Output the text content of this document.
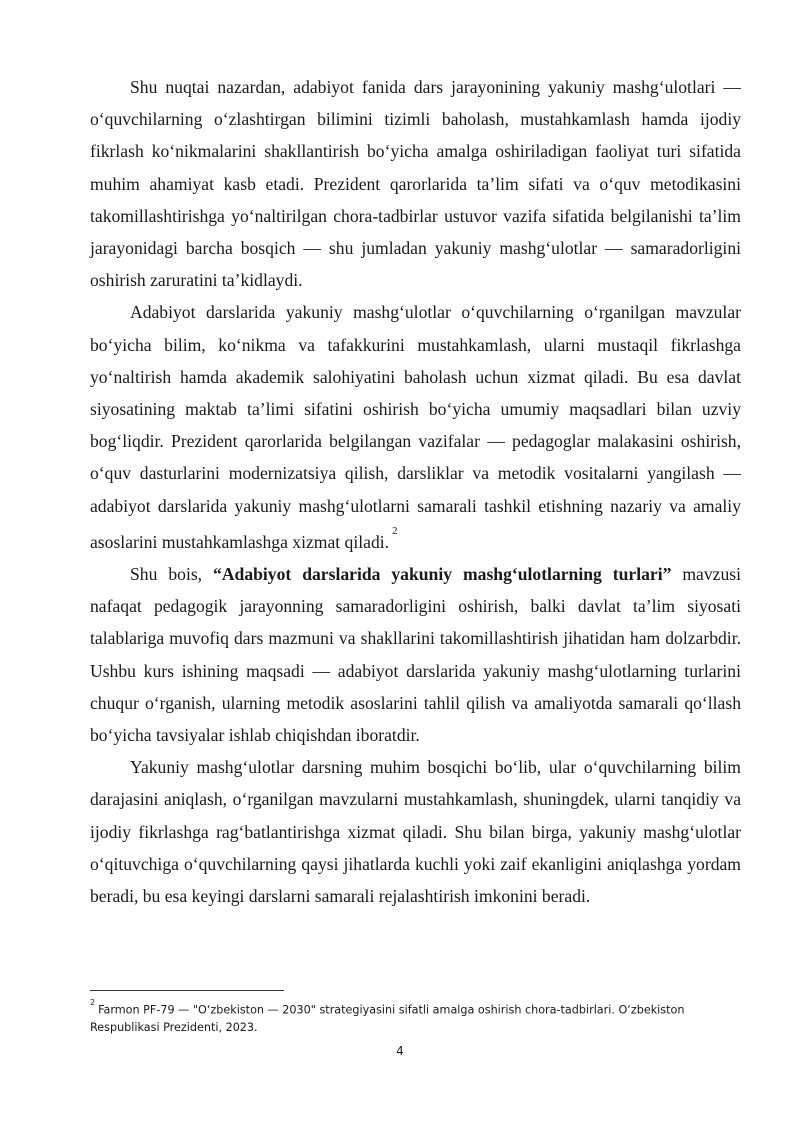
Shu nuqtai nazardan, adabiyot fanida dars jarayonining yakuniy mashg‘ulotlari — o‘quvchilarning o‘zlashtirgan bilimini tizimli baholash, mustahkamlash hamda ijodiy fikrlash ko‘nikmalarini shakllantirish bo‘yicha amalga oshiriladigan faoliyat turi sifatida muhim ahamiyat kasb etadi. Prezident qarorlarida ta’lim sifati va o‘quv metodikasini takomillashtirishga yo‘naltirilgan chora-tadbirlar ustuvor vazifa sifatida belgilanishi ta’lim jarayonidagi barcha bosqich — shu jumladan yakuniy mashg‘ulotlar — samaradorligini oshirish zaruratini ta’kidlaydi.

Adabiyot darslarida yakuniy mashg‘ulotlar o‘quvchilarning o‘rganilgan mavzular bo‘yicha bilim, ko‘nikma va tafakkurini mustahkamlash, ularni mustaqil fikrlashga yo‘naltirish hamda akademik salohiyatini baholash uchun xizmat qiladi. Bu esa davlat siyosatining maktab ta’limi sifatini oshirish bo‘yicha umumiy maqsadlari bilan uzviy bog‘liqdir. Prezident qarorlarida belgilangan vazifalar — pedagoglar malakasini oshirish, o‘quv dasturlarini modernizatsiya qilish, darsliklar va metodik vositalarni yangilash — adabiyot darslarida yakuniy mashg‘ulotlarni samarali tashkil etishning nazariy va amaliy asoslarini mustahkamlashga xizmat qiladi.$^2$

Shu bois, “Adabiyot darslarida yakuniy mashg‘ulotlarning turlari” mavzusi nafaqat pedagogik jarayonning samaradorligini oshirish, balki davlat ta’lim siyosati talablariga muvofiq dars mazmuni va shakllarini takomillashtirish jihatidan ham dolzarbdir. Ushbu kurs ishining maqsadi — adabiyot darslarida yakuniy mashg‘ulotlarning turlarini chuqur o‘rganish, ularning metodik asoslarini tahlil qilish va amaliyotda samarali qo‘llash bo‘yicha tavsiyalar ishlab chiqishdan iboratdir.

Yakuniy mashg‘ulotlar darsning muhim bosqichi bo‘lib, ular o‘quvchilarning bilim darajasini aniqlash, o‘rganilgan mavzularni mustahkamlash, shuningdek, ularni tanqidiy va ijodiy fikrlashga rag‘batlantirishga xizmat qiladi. Shu bilan birga, yakuniy mashg‘ulotlar o‘qituvchiga o‘quvchilarning qaysi jihatlarda kuchli yoki zaif ekanligini aniqlashga yordam beradi, bu esa keyingi darslarni samarali rejalashtirish imkonini beradi.

$^2$Farmon PF-79 — "O‘zbekiston — 2030" strategiyasini sifatli amalga oshirish chora-tadbirlari. O‘zbekiston Respublikasi Prezidenti, 2023.
4
